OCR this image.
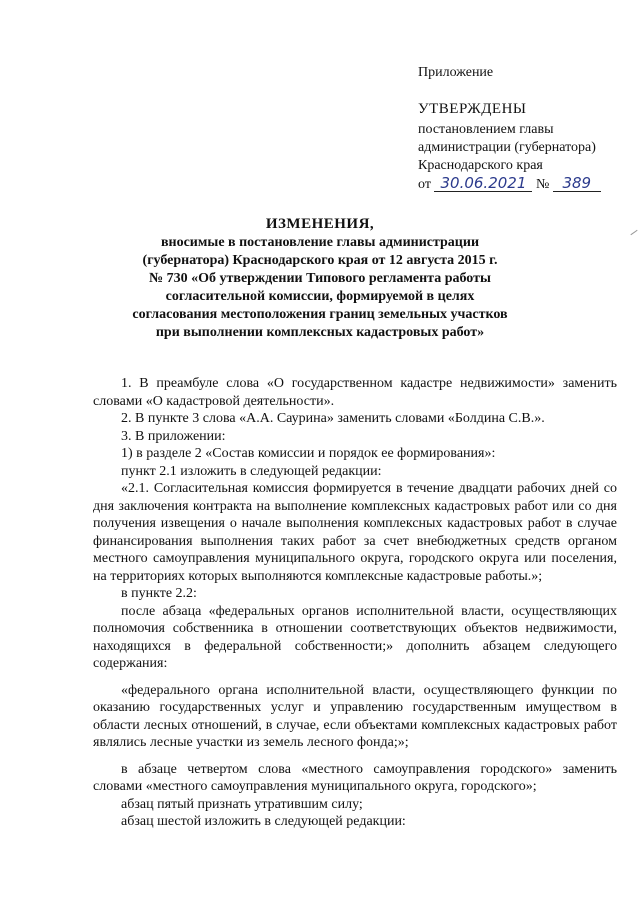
Приложение
УТВЕРЖДЕНЫ
постановлением главы
администрации (губернатора)
Краснодарского края
от 30.06.2021 № 389
ИЗМЕНЕНИЯ,
вносимые в постановление главы администрации
(губернатора) Краснодарского края от 12 августа 2015 г.
№ 730 «Об утверждении Типового регламента работы
согласительной комиссии, формируемой в целях
согласования местоположения границ земельных участков
при выполнении комплексных кадастровых работ»

1. В преамбуле слова «О государственном кадастре недвижимости» заменить словами «О кадастровой деятельности».

2. В пункте 3 слова «А.А. Саурина» заменить словами «Болдина С.В.».

3. В приложении:

1) в разделе 2 «Состав комиссии и порядок ее формирования»:

пункт 2.1 изложить в следующей редакции:

«2.1. Согласительная комиссия формируется в течение двадцати рабочих дней со дня заключения контракта на выполнение комплексных кадастровых работ или со дня получения извещения о начале выполнения комплексных кадастровых работ в случае финансирования выполнения таких работ за счет внебюджетных средств органом местного самоуправления муниципального округа, городского округа или поселения, на территориях которых выполняются комплексные кадастровые работы.»;

в пункте 2.2:

после абзаца «федеральных органов исполнительной власти, осуществляющих полномочия собственника в отношении соответствующих объектов недвижимости, находящихся в федеральной собственности;» дополнить абзацем следующего содержания:

«федерального органа исполнительной власти, осуществляющего функции по оказанию государственных услуг и управлению государственным имуществом в области лесных отношений, в случае, если объектами комплексных кадастровых работ являлись лесные участки из земель лесного фонда;»;

в абзаце четвертом слова «местного самоуправления городского» заменить словами «местного самоуправления муниципального округа, городского»;

абзац пятый признать утратившим силу;

абзац шестой изложить в следующей редакции:
